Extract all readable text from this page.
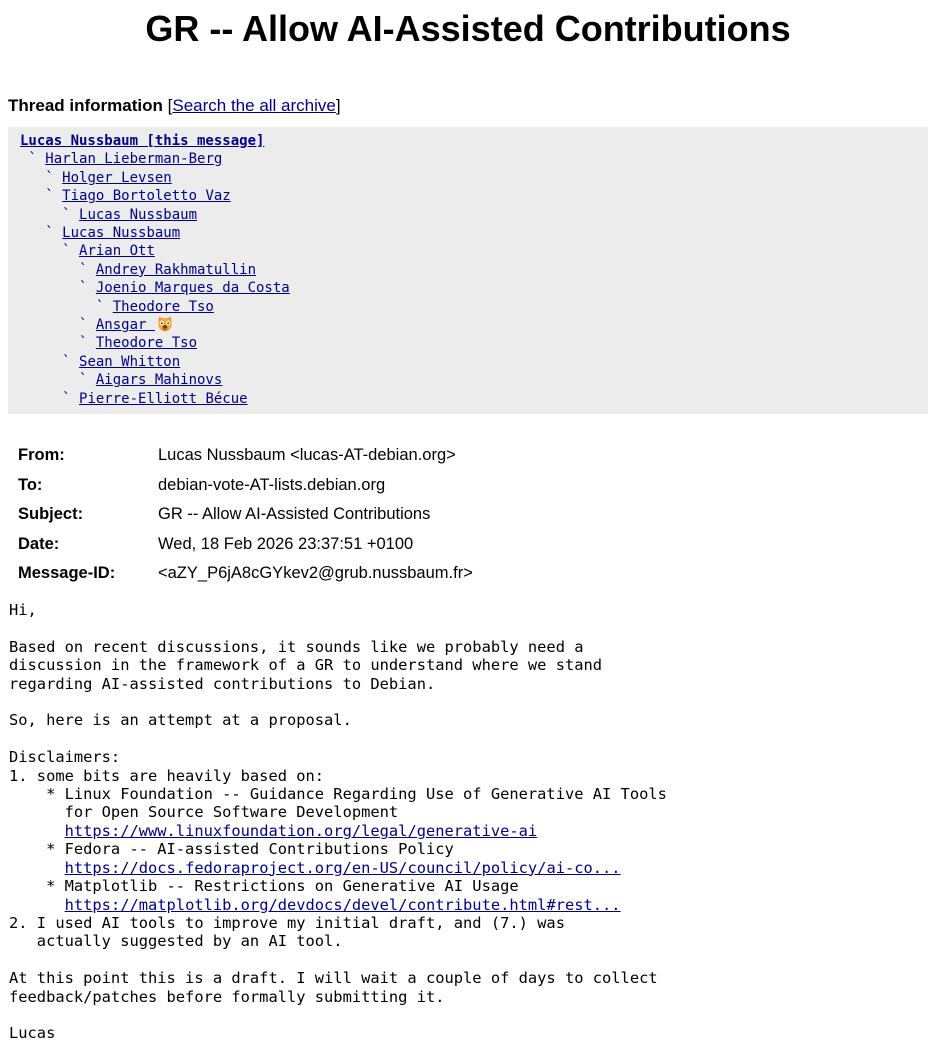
GR -- Allow AI-Assisted Contributions
Thread information [Search the all archive]
Lucas Nussbaum [this message]
` Harlan Lieberman-Berg
` Holger Levsen
` Tiago Bortoletto Vaz
` Lucas Nussbaum
` Lucas Nussbaum
` Arian Ott
` Andrey Rakhmatullin
` Joenio Marques da Costa
` Theodore Tso
` Ansgar
` Theodore Tso
` Sean Whitton
` Aigars Mahinovs
` Pierre-Elliott Bécue
From:	Lucas Nussbaum <lucas-AT-debian.org>
To:	debian-vote-AT-lists.debian.org
Subject:	GR -- Allow AI-Assisted Contributions
Date:	Wed, 18 Feb 2026 23:37:51 +0100
Message-ID:	<aZY_P6jA8cGYkev2@grub.nussbaum.fr>
Hi,
Based on recent discussions, it sounds like we probably need a
discussion in the framework of a GR to understand where we stand
regarding AI-assisted contributions to Debian.
So, here is an attempt at a proposal.
Disclaimers:
1. some bits are heavily based on:
* Linux Foundation -- Guidance Regarding Use of Generative AI Tools
for Open Source Software Development
https://www.linuxfoundation.org/legal/generative-ai
* Fedora -- AI-assisted Contributions Policy
https://docs.fedoraproject.org/en-US/council/policy/ai-co...
* Matplotlib -- Restrictions on Generative AI Usage
https://matplotlib.org/devdocs/devel/contribute.html#rest...
2. I used AI tools to improve my initial draft, and (7.) was
actually suggested by an AI tool.
At this point this is a draft. I will wait a couple of days to collect
feedback/patches before formally submitting it.
Lucas
